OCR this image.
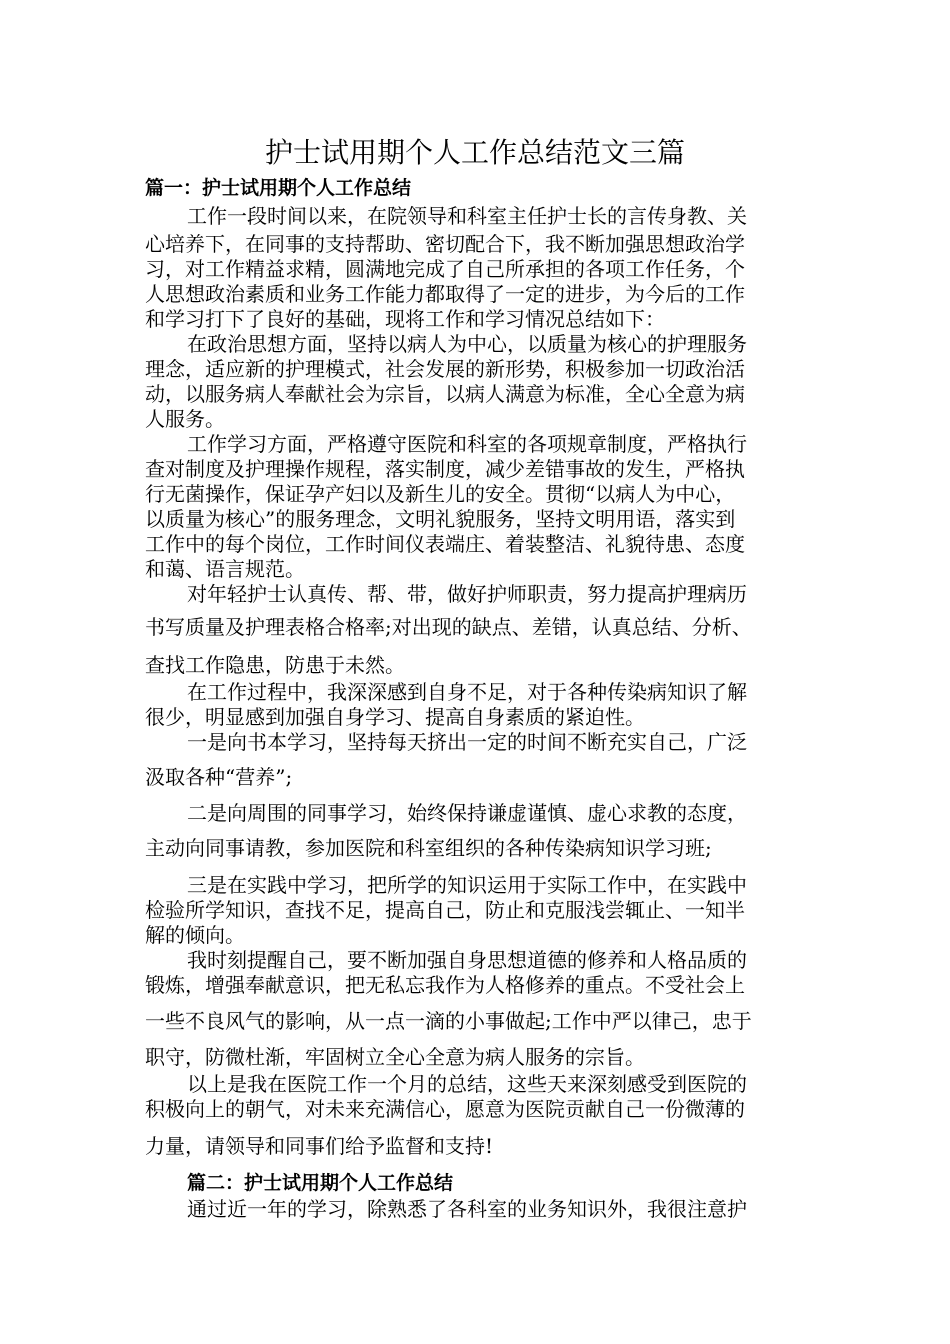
护士试用期个人工作总结范文三篇
篇一：护士试用期个人工作总结

工作一段时间以来，在院领导和科室主任护士长的言传身教、关

心培养下，在同事的支持帮助、密切配合下，我不断加强思想政治学

习，对工作精益求精，圆满地完成了自己所承担的各项工作任务，个

人思想政治素质和业务工作能力都取得了一定的进步，为今后的工作

和学习打下了良好的基础，现将工作和学习情况总结如下：

在政治思想方面，坚持以病人为中心，以质量为核心的护理服务

理念，适应新的护理模式，社会发展的新形势，积极参加一切政治活

动，以服务病人奉献社会为宗旨，以病人满意为标准，全心全意为病

人服务。

工作学习方面，严格遵守医院和科室的各项规章制度，严格执行

查对制度及护理操作规程，落实制度，减少差错事故的发生，严格执

行无菌操作，保证孕产妇以及新生儿的安全。贯彻“以病人为中心，

以质量为核心”的服务理念，文明礼貌服务，坚持文明用语，落实到

工作中的每个岗位，工作时间仪表端庄、着装整洁、礼貌待患、态度

和蔼、语言规范。

对年轻护士认真传、帮、带，做好护师职责，努力提高护理病历

书写质量及护理表格合格率;对出现的缺点、差错，认真总结、分析、

查找工作隐患，防患于未然。

在工作过程中，我深深感到自身不足，对于各种传染病知识了解

很少，明显感到加强自身学习、提高自身素质的紧迫性。

一是向书本学习，坚持每天挤出一定的时间不断充实自己，广泛

汲取各种“营养”;

二是向周围的同事学习，始终保持谦虚谨慎、虚心求教的态度，

主动向同事请教，参加医院和科室组织的各种传染病知识学习班;

三是在实践中学习，把所学的知识运用于实际工作中，在实践中

检验所学知识，查找不足，提高自己，防止和克服浅尝辄止、一知半

解的倾向。

我时刻提醒自己，要不断加强自身思想道德的修养和人格品质的

锻炼，增强奉献意识，把无私忘我作为人格修养的重点。不受社会上

一些不良风气的影响，从一点一滴的小事做起;工作中严以律己，忠于

职守，防微杜渐，牢固树立全心全意为病人服务的宗旨。

以上是我在医院工作一个月的总结，这些天来深刻感受到医院的

积极向上的朝气，对未来充满信心，愿意为医院贡献自己一份微薄的

力量，请领导和同事们给予监督和支持!

篇二：护士试用期个人工作总结

通过近一年的学习，除熟悉了各科室的业务知识外，我很注意护
